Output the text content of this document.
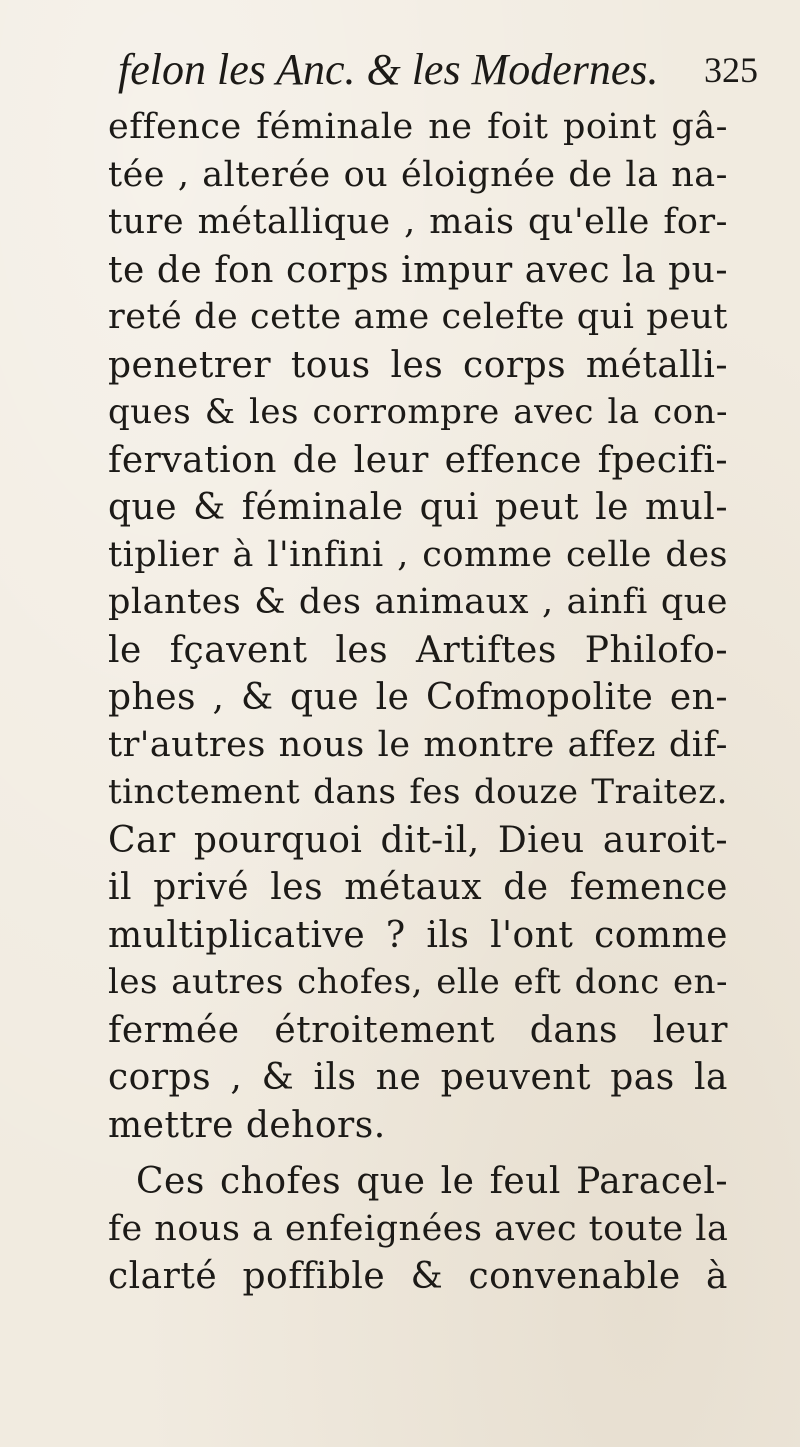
felon les Anc. & les Modernes. 325
effence féminale ne foit point gâ-
tée , alterée ou éloignée de la na-
ture métallique , mais qu'elle for-
te de fon corps impur avec la pu-
reté de cette ame celefte qui peut
penetrer tous les corps métalli-
ques & les corrompre avec la con-
fervation de leur effence fpecifi-
que & féminale qui peut le mul-
tiplier à l'infini , comme celle des
plantes & des animaux , ainfi que
le fçavent les Artiftes Philofo-
phes , & que le Cofmopolite en-
tr'autres nous le montre affez dif-
tinctement dans fes douze Traitez.
Car pourquoi dit-il, Dieu auroit-
il privé les métaux de femence
multiplicative ? ils l'ont comme
les autres chofes, elle eft donc en-
fermée étroitement dans leur
corps , & ils ne peuvent pas la
mettre dehors.
Ces chofes que le feul Paracel-
fe nous a enfeignées avec toute la
clarté poffible & convenable à
